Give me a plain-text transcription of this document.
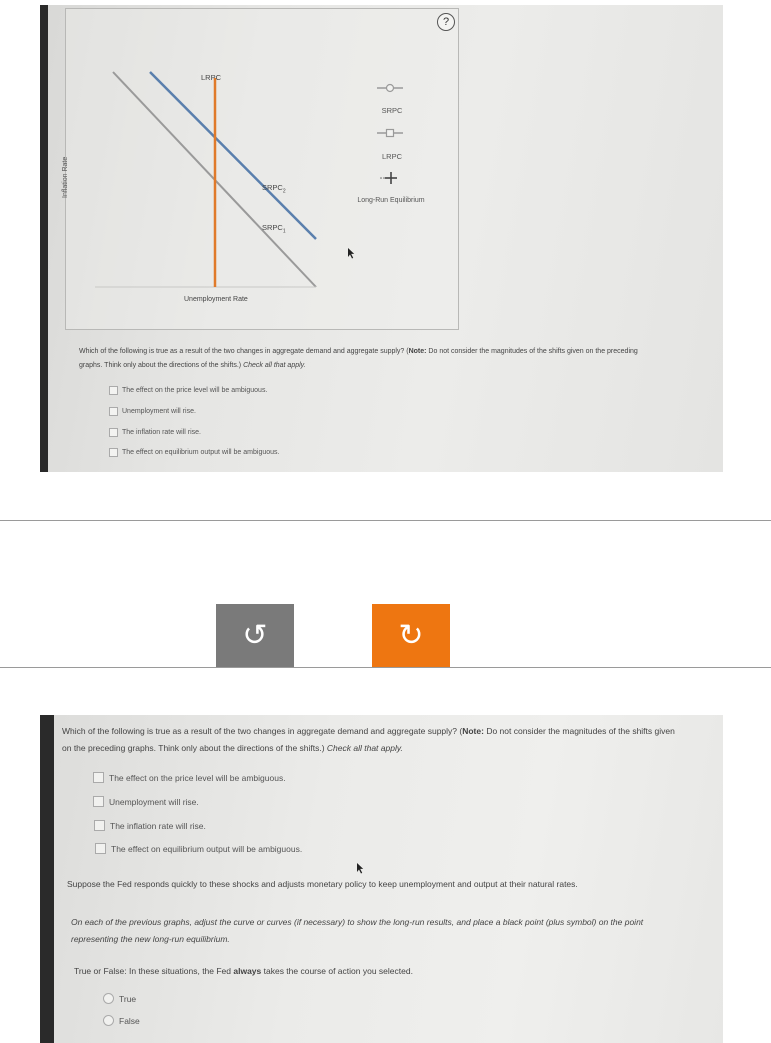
?
Inflation Rate
LRPC
$SRPC_2$
$SRPC_1$
Unemployment Rate
SRPC
LRPC
Long-Run Equilibrium
Which of the following is true as a result of the two changes in aggregate demand and aggregate supply? (Note: Do not consider the magnitudes of the shifts given on the preceding graphs. Think only about the directions of the shifts.) Check all that apply.
The effect on the price level will be ambiguous.
Unemployment will rise.
The inflation rate will rise.
The effect on equilibrium output will be ambiguous.
↺	↻
Which of the following is true as a result of the two changes in aggregate demand and aggregate supply? (Note: Do not consider the magnitudes of the shifts given on the preceding graphs. Think only about the directions of the shifts.) Check all that apply.
The effect on the price level will be ambiguous.
Unemployment will rise.
The inflation rate will rise.
The effect on equilibrium output will be ambiguous.
Suppose the Fed responds quickly to these shocks and adjusts monetary policy to keep unemployment and output at their natural rates.
On each of the previous graphs, adjust the curve or curves (if necessary) to show the long-run results, and place a black point (plus symbol) on the point representing the new long-run equilibrium.
True or False: In these situations, the Fed always takes the course of action you selected.
True
False
